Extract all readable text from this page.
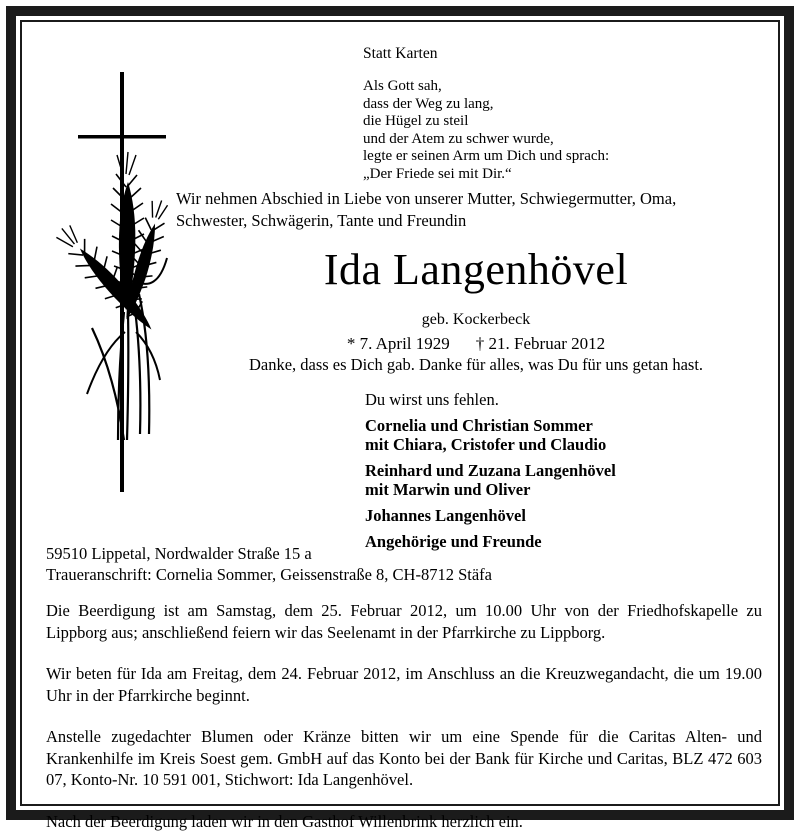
Statt Karten
Als Gott sah,
dass der Weg zu lang,
die Hügel zu steil
und der Atem zu schwer wurde,
legte er seinen Arm um Dich und sprach:
„Der Friede sei mit Dir.“
Wir nehmen Abschied in Liebe von unserer Mutter, Schwiegermutter, Oma,
Schwester, Schwägerin, Tante und Freundin
Ida Langenhövel
geb. Kockerbeck
* 7. April 1929 † 21. Februar 2012
Danke, dass es Dich gab. Danke für alles, was Du für uns getan hast.
Du wirst uns fehlen.
Cornelia und Christian Sommer
mit Chiara, Cristofer und Claudio
Reinhard und Zuzana Langenhövel
mit Marwin und Oliver
Johannes Langenhövel
Angehörige und Freunde
59510 Lippetal, Nordwalder Straße 15 a
Traueranschrift: Cornelia Sommer, Geissenstraße 8, CH-8712 Stäfa

Die Beerdigung ist am Samstag, dem 25. Februar 2012, um 10.00 Uhr von der Friedhofskapelle zu Lippborg aus; anschließend feiern wir das Seelenamt in der Pfarrkirche zu Lippborg.

Wir beten für Ida am Freitag, dem 24. Februar 2012, im Anschluss an die Kreuzwegandacht, die um 19.00 Uhr in der Pfarrkirche beginnt.

Anstelle zugedachter Blumen oder Kränze bitten wir um eine Spende für die Caritas Alten- und Krankenhilfe im Kreis Soest gem. GmbH auf das Konto bei der Bank für Kirche und Caritas, BLZ 472 603 07, Konto-Nr. 10 591 001, Stichwort: Ida Langenhövel.

Nach der Beerdigung laden wir in den Gasthof Willenbrink herzlich ein.
